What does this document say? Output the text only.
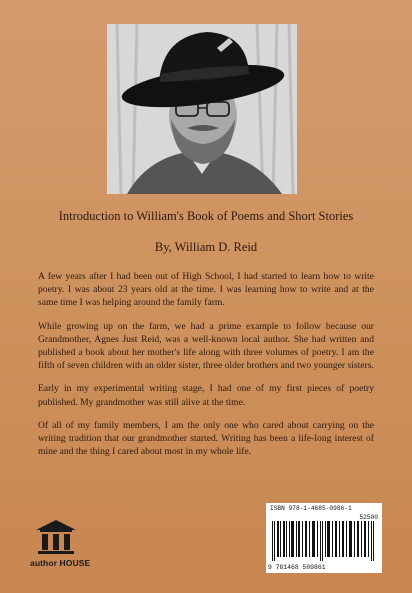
Introduction to William's Book of Poems and Short Stories
By, William D. Reid

A few years after I had been out of High School, I had started to learn how to write poetry. I was about 23 years old at the time. I was learning how to write and at the same time I was helping around the family farm.

While growing up on the farm, we had a prime example to follow because our Grandmother, Agnes Just Reid, was a well-known local author. She had written and published a book about her mother's life along with three volumes of poetry. I am the fifth of seven children with an older sister, three older brothers and two younger sisters.

Early in my experimental writing stage, I had one of my first pieces of poetry published. My grandmother was still alive at the time.

Of all of my family members, I am the only one who cared about carrying on the writing tradition that our grandmother started. Writing has been a life-long interest of mine and the thing I cared about most in my whole life.

author HOUSE
ISBN 978-1-4685-0986-1
52500
9 781468 509861
